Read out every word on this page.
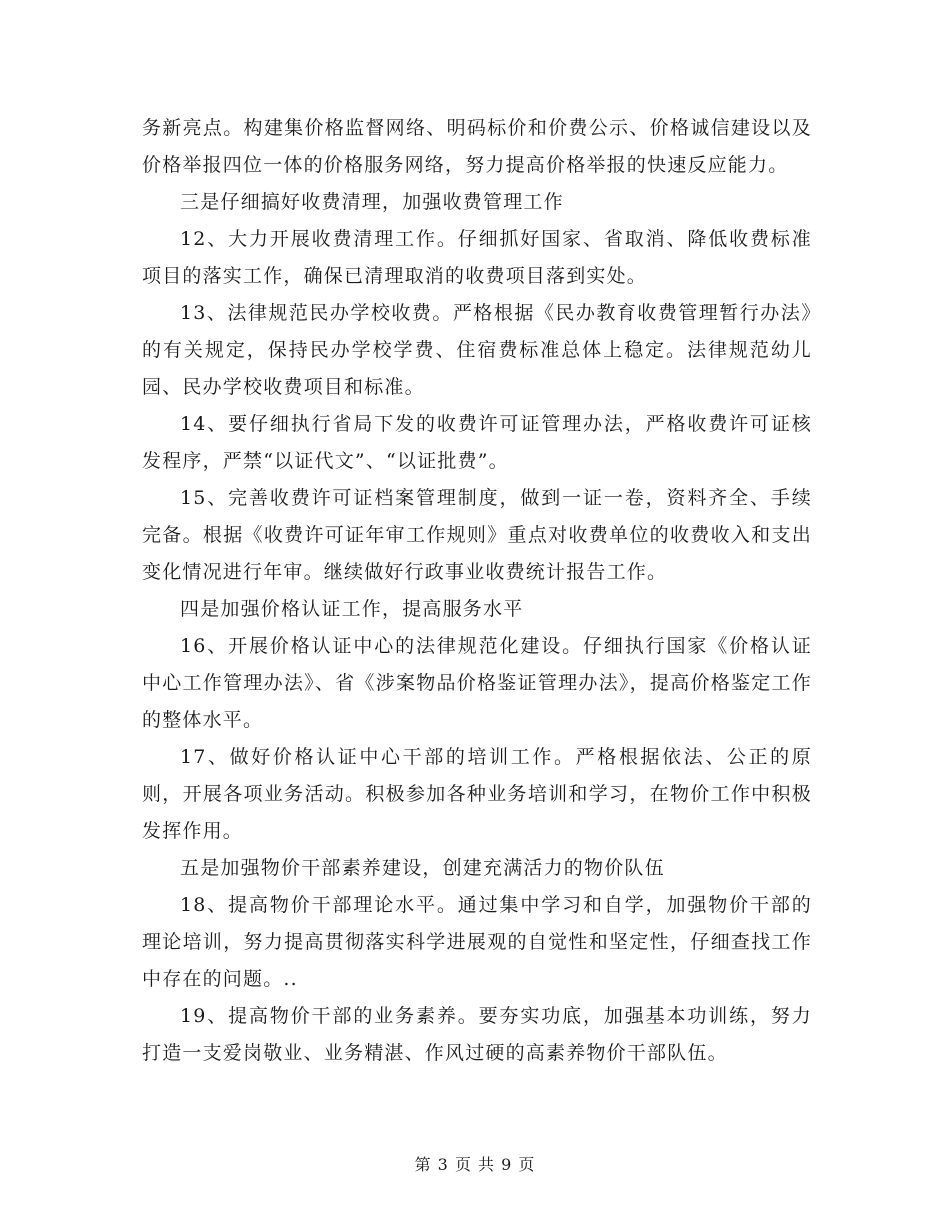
务新亮点。构建集价格监督网络、明码标价和价费公示、价格诚信建设以及价格举报四位一体的价格服务网络，努力提高价格举报的快速反应能力。

三是仔细搞好收费清理，加强收费管理工作

12、大力开展收费清理工作。仔细抓好国家、省取消、降低收费标准项目的落实工作，确保已清理取消的收费项目落到实处。

13、法律规范民办学校收费。严格根据《民办教育收费管理暂行办法》的有关规定，保持民办学校学费、住宿费标准总体上稳定。法律规范幼儿园、民办学校收费项目和标准。

14、要仔细执行省局下发的收费许可证管理办法，严格收费许可证核发程序，严禁“以证代文”、“以证批费”。

15、完善收费许可证档案管理制度，做到一证一卷，资料齐全、手续完备。根据《收费许可证年审工作规则》重点对收费单位的收费收入和支出变化情况进行年审。继续做好行政事业收费统计报告工作。

四是加强价格认证工作，提高服务水平

16、开展价格认证中心的法律规范化建设。仔细执行国家《价格认证中心工作管理办法》、省《涉案物品价格鉴证管理办法》，提高价格鉴定工作的整体水平。

17、做好价格认证中心干部的培训工作。严格根据依法、公正的原则，开展各项业务活动。积极参加各种业务培训和学习，在物价工作中积极发挥作用。

五是加强物价干部素养建设，创建充满活力的物价队伍

18、提高物价干部理论水平。通过集中学习和自学，加强物价干部的理论培训，努力提高贯彻落实科学进展观的自觉性和坚定性，仔细查找工作中存在的问题。..

19、提高物价干部的业务素养。要夯实功底，加强基本功训练，努力打造一支爱岗敬业、业务精湛、作风过硬的高素养物价干部队伍。

第 3 页 共 9 页
